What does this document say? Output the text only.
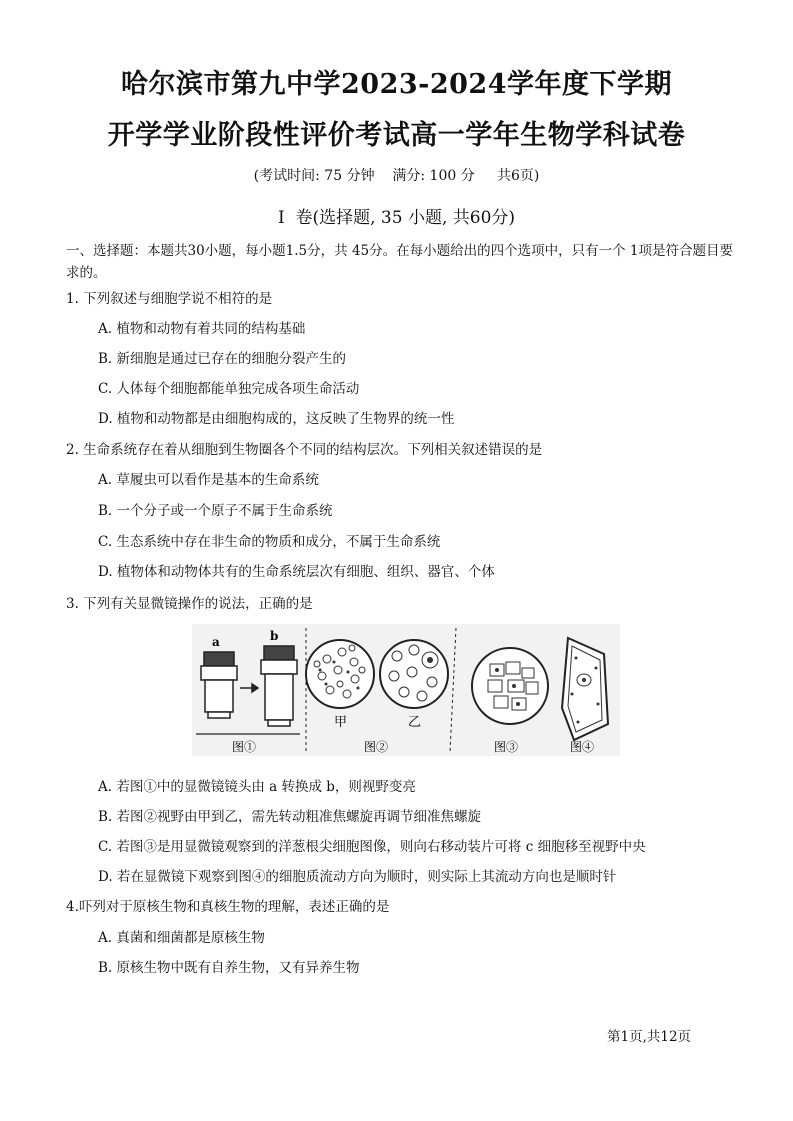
哈尔滨市第九中学2023-2024学年度下学期
开学学业阶段性评价考试高一学年生物学科试卷
(考试时间: 75 分钟    满分: 100 分     共6页)
Ⅰ  卷(选择题, 35 小题, 共60分)
一、选择题：本题共30小题，每小题1.5分，共 45分。在每小题给出的四个选项中，只有一个 1项是符合题目要求的。
1. 下列叙述与细胞学说不相符的是
A. 植物和动物有着共同的结构基础
B. 新细胞是通过已存在的细胞分裂产生的
C. 人体每个细胞都能单独完成各项生命活动
D. 植物和动物都是由细胞构成的，这反映了生物界的统一性
2. 生命系统存在着从细胞到生物圈各个不同的结构层次。下列相关叙述错误的是
A. 草履虫可以看作是基本的生命系统
B. 一个分子或一个原子不属于生命系统
C. 生态系统中存在非生命的物质和成分，不属于生命系统
D. 植物体和动物体共有的生命系统层次有细胞、组织、器官、个体
3. 下列有关显微镜操作的说法，正确的是
a	b
图①
甲	乙
图②	图③	图④
A. 若图①中的显微镜镜头由 a 转换成 b，则视野变亮
B. 若图②视野由甲到乙，需先转动粗准焦螺旋再调节细准焦螺旋
C. 若图③是用显微镜观察到的洋葱根尖细胞图像，则向右移动装片可将 c 细胞移至视野中央
D. 若在显微镜下观察到图④的细胞质流动方向为顺时，则实际上其流动方向也是顺时针
4.吓列对于原核生物和真核生物的理解，表述正确的是
A. 真菌和细菌都是原核生物
B. 原核生物中既有自养生物，又有异养生物
第1页,共12页
